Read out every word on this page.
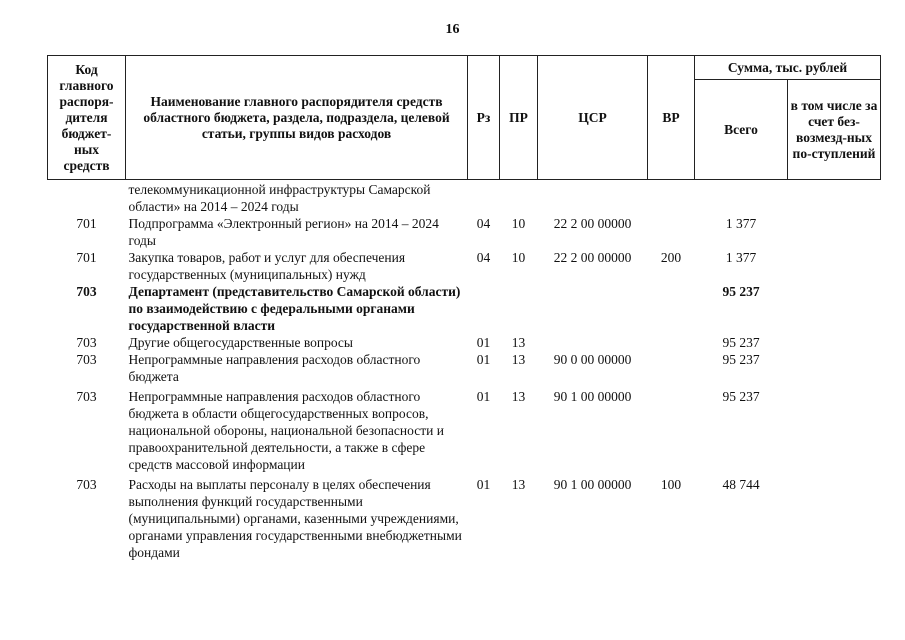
16
Код главного распоря-дителя бюджет-ных средств	Наименование главного распорядителя средств областного бюджета, раздела, подраздела, целевой статьи, группы видов расходов	Рз	ПР	ЦСР	ВР	Сумма, тыс. рублей	
						Всего	в том числе за счет без-возмезд-ных по-ступлений
	телекоммуникационной инфраструктуры Самарской области» на 2014 – 2024 годы						
701	Подпрограмма «Электронный регион» на 2014 – 2024 годы	04	10	22 2 00 00000		1 377	
701	Закупка товаров, работ и услуг для обеспечения государственных (муниципальных) нужд	04	10	22 2 00 00000	200	1 377	
703	Департамент (представительство Самарской области) по взаимодействию с федеральными органами государственной власти					95 237	
703	Другие общегосударственные вопросы	01	13			95 237	
703	Непрограммные направления расходов областного бюджета	01	13	90 0 00 00000		95 237	
703	Непрограммные направления расходов областного бюджета в области общегосударственных вопросов, национальной обороны, национальной безопасности и правоохранительной деятельности, а также в сфере средств массовой информации	01	13	90 1 00 00000		95 237	
703	Расходы на выплаты персоналу в целях обеспечения выполнения функций государственными (муниципальными) органами, казенными учреждениями, органами управления государственными внебюджетными фондами	01	13	90 1 00 00000	100	48 744	
